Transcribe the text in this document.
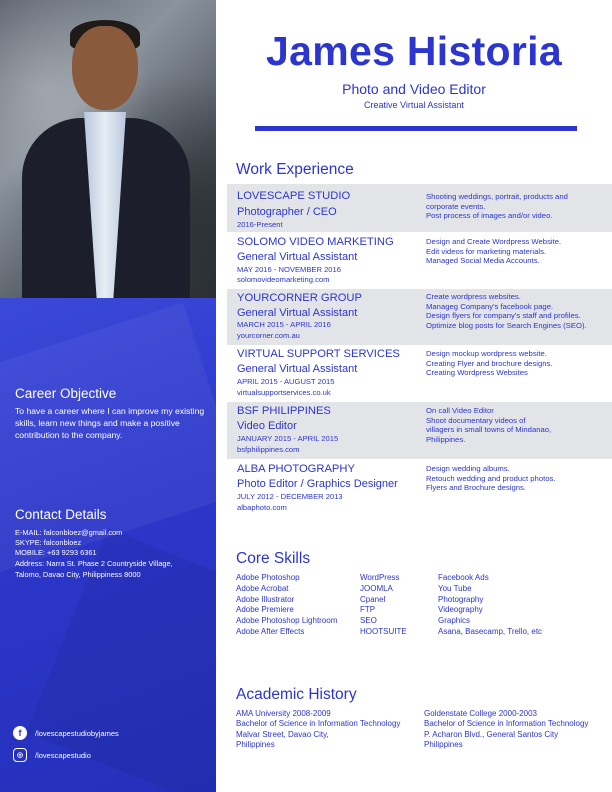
Career Objective
To have a career where I can improve my existing skills, learn new things and make a positive contribution to the company.
Contact Details
E-MAIL: falconbloez@gmail.com
SKYPE: falconbloez
MOBILE: +63 9293 6361
Address: Narra St. Phase 2 Countryside Village,
Talomo, Davao City, Philippiness 8000
f	/lovescapestudiobyjames
◎	/lovescapestudio
James Historia
Photo and Video Editor
Creative Virtual Assistant
Work Experience
LOVESCAPE STUDIO
Photographer / CEO
2016-Present
Shooting weddings, portrait, products and
corporate events.
Post process of images and/or video.
SOLOMO VIDEO MARKETING
General Virtual Assistant
MAY 2016 - NOVEMBER 2016
solomovideomarketing.com
Design and Create Wordpress Website.
Edit videos for marketing materials.
Managed Social Media Accounts.
YOURCORNER GROUP
General Virtual Assistant
MARCH 2015 - APRIL 2016
yourcorner.com.au
Create wordpress websites.
Manageg Company's facebook page.
Design flyers for company's staff and profiles.
Optimize blog posts for Search Engines (SEO).
VIRTUAL SUPPORT SERVICES
General Virtual Assistant
APRIL 2015 - AUGUST 2015
virtualsupportservices.co.uk
Design mockup wordpress website.
Creating Flyer and brochure designs.
Creating Wordpress Websites
BSF PHILIPPINES
Video Editor
JANUARY 2015 - APRIL 2015
bsfphilippines.com
On call Video Editor
Shoot documentary videos of
villagers in small towns of Mindanao,
Philippines.
ALBA PHOTOGRAPHY
Photo Editor / Graphics Designer
JULY 2012 - DECEMBER 2013
albaphoto.com
Design wedding albums.
Retouch wedding and product photos.
Flyers and Brochure designs.
Core Skills
Adobe Photoshop
Adobe Acrobat
Adobe Illustrator
Adobe Premiere
Adobe Photoshop Lightroom
Adobe After Effects
WordPress
JOOMLA
Cpanel
FTP
SEO
HOOTSUITE
Facebook Ads
You Tube
Photography
Videography
Graphics
Asana, Basecamp, Trello, etc
Academic History
AMA University 2008-2009
Bachelor of Science in Information Technology
Malvar Street, Davao City,
Philippines
Goldenstate College 2000-2003
Bachelor of Science in Information Technology
P. Acharon Blvd., General Santos City
Philippines
